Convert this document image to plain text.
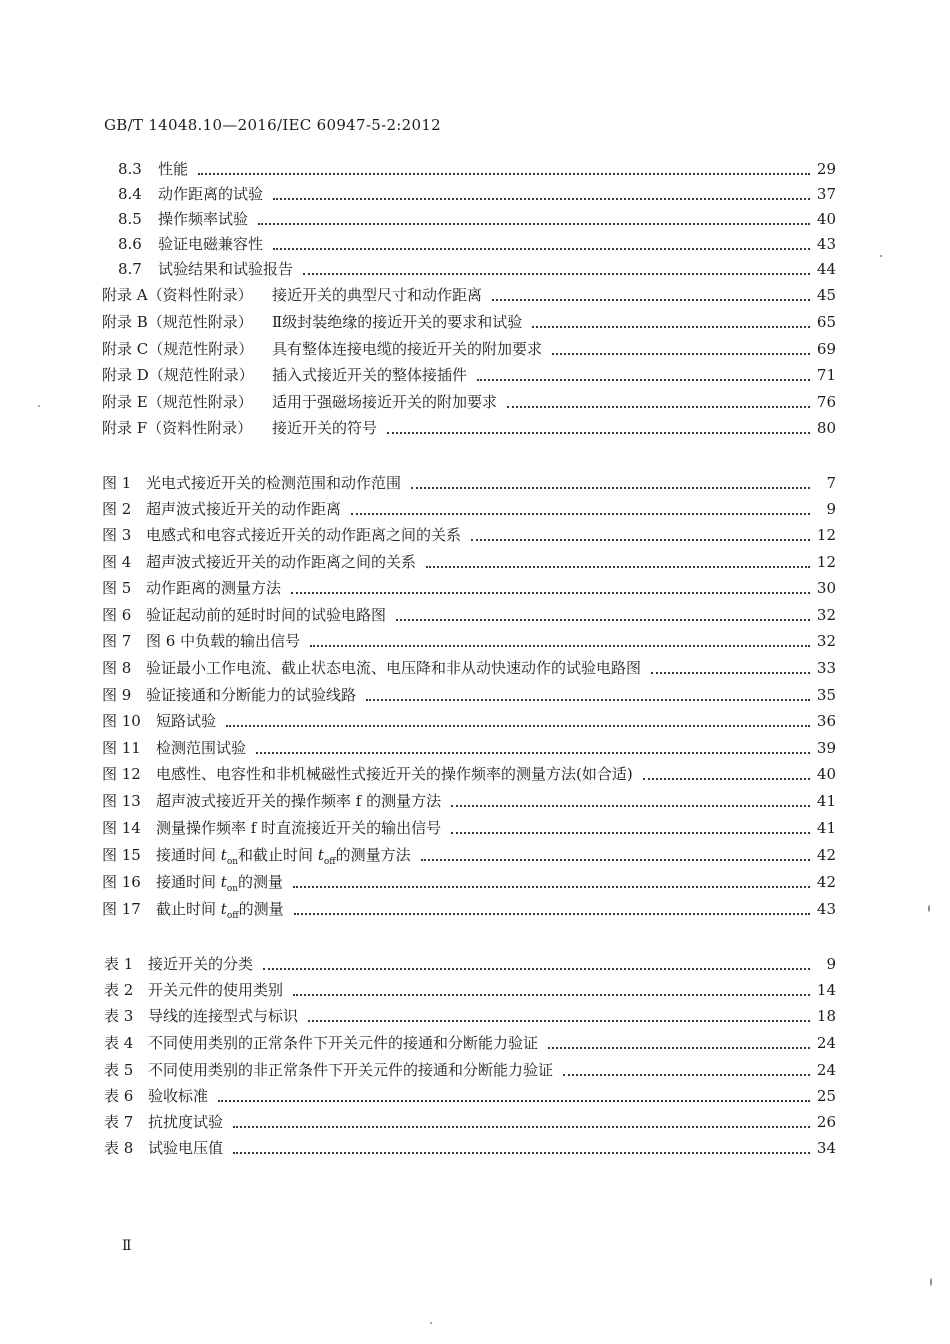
GB/T 14048.10—2016/IEC 60947-5-2:2012
8.3	性能	29
8.4	动作距离的试验	37
8.5	操作频率试验	40
8.6	验证电磁兼容性	43
8.7	试验结果和试验报告	44
附录 A（资料性附录）	接近开关的典型尺寸和动作距离	45
附录 B（规范性附录）	Ⅱ级封装绝缘的接近开关的要求和试验	65
附录 C（规范性附录）	具有整体连接电缆的接近开关的附加要求	69
附录 D（规范性附录）	插入式接近开关的整体接插件	71
附录 E（规范性附录）	适用于强磁场接近开关的附加要求	76
附录 F（资料性附录）	接近开关的符号	80
图 1 光电式接近开关的检测范围和动作范围	7
图 2 超声波式接近开关的动作距离	9
图 3 电感式和电容式接近开关的动作距离之间的关系	12
图 4 超声波式接近开关的动作距离之间的关系	12
图 5 动作距离的测量方法	30
图 6 验证起动前的延时时间的试验电路图	32
图 7 图 6 中负载的输出信号	32
图 8 验证最小工作电流、截止状态电流、电压降和非从动快速动作的试验电路图	33
图 9 验证接通和分断能力的试验线路	35
图 10	短路试验	36
图 11	检测范围试验	39
图 12	电感性、电容性和非机械磁性式接近开关的操作频率的测量方法(如合适)	40
图 13	超声波式接近开关的操作频率 f 的测量方法	41
图 14	测量操作频率 f 时直流接近开关的输出信号	41
图 15	接通时间 $t_{on}$和截止时间 $t_{off}$的测量方法	42
图 16	接通时间 $t_{on}$的测量	42
图 17	截止时间 $t_{off}$的测量	43
表 1 接近开关的分类	9
表 2 开关元件的使用类别	14
表 3 导线的连接型式与标识	18
表 4 不同使用类别的正常条件下开关元件的接通和分断能力验证	24
表 5 不同使用类别的非正常条件下开关元件的接通和分断能力验证	24
表 6 验收标准	25
表 7 抗扰度试验	26
表 8 试验电压值	34
Ⅱ
